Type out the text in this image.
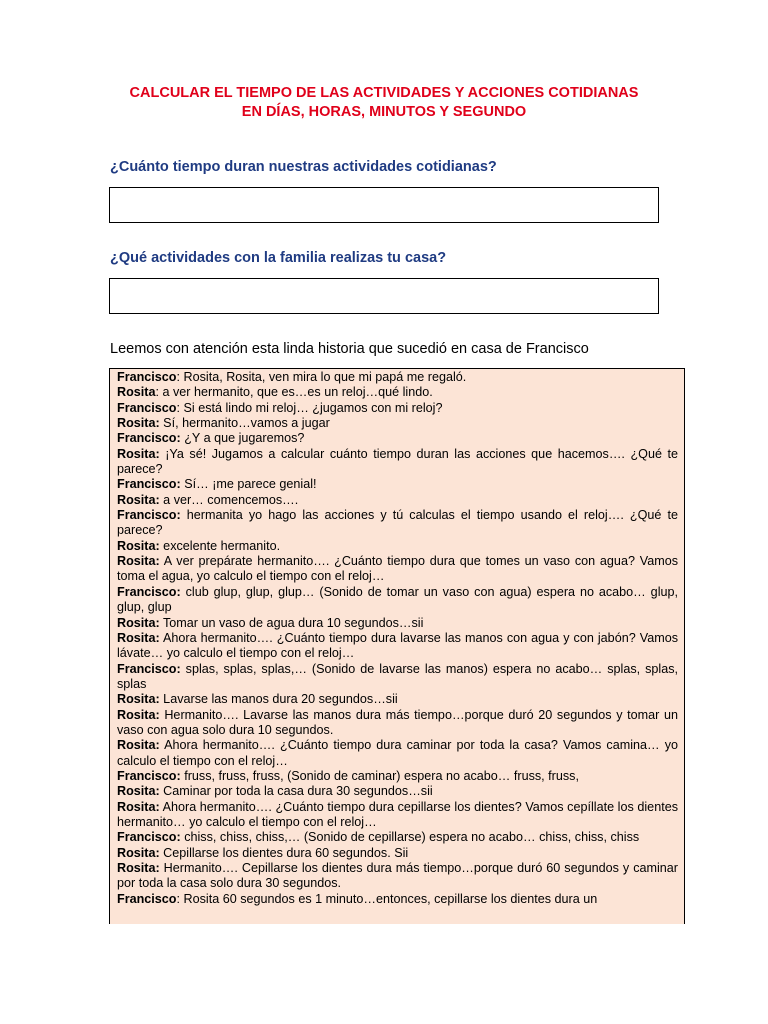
CALCULAR EL TIEMPO DE LAS ACTIVIDADES Y ACCIONES COTIDIANAS
EN DÍAS, HORAS, MINUTOS Y SEGUNDO
¿Cuánto tiempo duran nuestras actividades cotidianas?
¿Qué actividades con la familia realizas tu casa?
Leemos con atención esta linda historia que sucedió en casa de Francisco

Francisco: Rosita, Rosita, ven mira lo que mi papá me regaló.

Rosita: a ver hermanito, que es…es un reloj…qué lindo.

Francisco: Si está lindo mi reloj… ¿jugamos con mi reloj?

Rosita: Sí, hermanito…vamos a jugar

Francisco: ¿Y a que jugaremos?

Rosita: ¡Ya sé! Jugamos a calcular cuánto tiempo duran las acciones que hacemos…. ¿Qué te parece?

Francisco: Sí… ¡me parece genial!

Rosita: a ver… comencemos….

Francisco: hermanita yo hago las acciones y tú calculas el tiempo usando el reloj…. ¿Qué te parece?

Rosita: excelente hermanito.

Rosita: A ver prepárate hermanito…. ¿Cuánto tiempo dura que tomes un vaso con agua? Vamos toma el agua, yo calculo el tiempo con el reloj…

Francisco: club glup, glup, glup… (Sonido de tomar un vaso con agua) espera no acabo… glup, glup, glup

Rosita: Tomar un vaso de agua dura 10 segundos…sii

Rosita: Ahora hermanito…. ¿Cuánto tiempo dura lavarse las manos con agua y con jabón? Vamos lávate… yo calculo el tiempo con el reloj…

Francisco: splas, splas, splas,… (Sonido de lavarse las manos) espera no acabo… splas, splas, splas

Rosita: Lavarse las manos dura 20 segundos…sii

Rosita: Hermanito…. Lavarse las manos dura más tiempo…porque duró 20 segundos y tomar un vaso con agua solo dura 10 segundos.

Rosita: Ahora hermanito…. ¿Cuánto tiempo dura caminar por toda la casa? Vamos camina… yo calculo el tiempo con el reloj…

Francisco: fruss, fruss, fruss, (Sonido de caminar) espera no acabo… fruss, fruss,

Rosita: Caminar por toda la casa dura 30 segundos…sii

Rosita: Ahora hermanito…. ¿Cuánto tiempo dura cepillarse los dientes? Vamos cepíllate los dientes hermanito… yo calculo el tiempo con el reloj…

Francisco: chiss, chiss, chiss,… (Sonido de cepillarse) espera no acabo… chiss, chiss, chiss

Rosita: Cepillarse los dientes dura 60 segundos. Sii

Rosita: Hermanito…. Cepillarse los dientes dura más tiempo…porque duró 60 segundos y caminar por toda la casa solo dura 30 segundos.

Francisco: Rosita 60 segundos es 1 minuto…entonces, cepillarse los dientes dura un
